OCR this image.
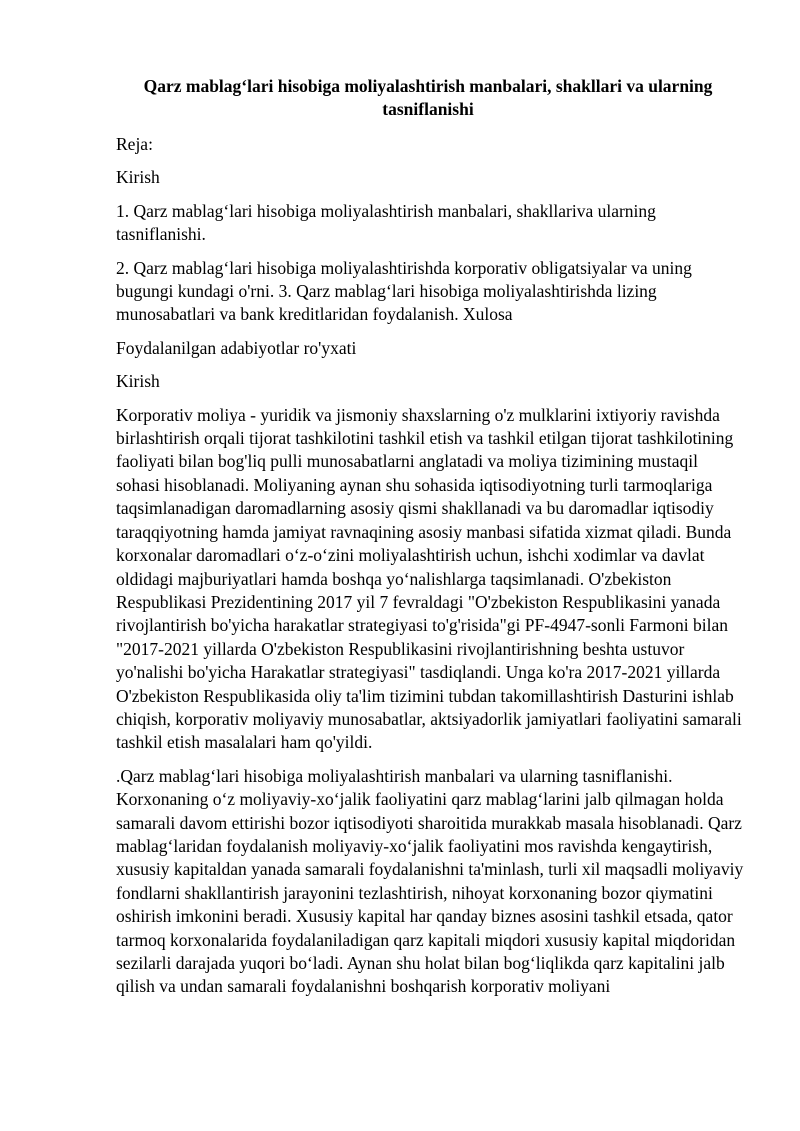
Qarz mablag‘lari hisobiga moliyalashtirish manbalari, shakllari va ularning tasniflanishi

Reja:

Kirish

1. Qarz mablag‘lari hisobiga moliyalashtirish manbalari, shakllariva ularning tasniflanishi.

2. Qarz mablag‘lari hisobiga moliyalashtirishda korporativ obligatsiyalar va uning bugungi kundagi o'rni. 3. Qarz mablag‘lari hisobiga moliyalashtirishda lizing munosabatlari va bank kreditlaridan foydalanish. Xulosa

Foydalanilgan adabiyotlar ro'yxati

Kirish

Korporativ moliya - yuridik va jismoniy shaxslarning o'z mulklarini ixtiyoriy ravishda birlashtirish orqali tijorat tashkilotini tashkil etish va tashkil etilgan tijorat tashkilotining faoliyati bilan bog'liq pulli munosabatlarni anglatadi va moliya tizimining mustaqil sohasi hisoblanadi. Moliyaning aynan shu sohasida iqtisodiyotning turli tarmoqlariga taqsimlanadigan daromadlarning asosiy qismi shakllanadi va bu daromadlar iqtisodiy taraqqiyotning hamda jamiyat ravnaqining asosiy manbasi sifatida xizmat qiladi. Bunda korxonalar daromadlari o‘z-o‘zini moliyalashtirish uchun, ishchi xodimlar va davlat oldidagi majburiyatlari hamda boshqa yo‘nalishlarga taqsimlanadi. O'zbekiston Respublikasi Prezidentining 2017 yil 7 fevraldagi "O'zbekiston Respublikasini yanada rivojlantirish bo'yicha harakatlar strategiyasi to'g'risida"gi PF-4947-sonli Farmoni bilan "2017-2021 yillarda O'zbekiston Respublikasini rivojlantirishning beshta ustuvor yo'nalishi bo'yicha Harakatlar strategiyasi" tasdiqlandi. Unga ko'ra 2017-2021 yillarda O'zbekiston Respublikasida oliy ta'lim tizimini tubdan takomillashtirish Dasturini ishlab chiqish, korporativ moliyaviy munosabatlar, aktsiyadorlik jamiyatlari faoliyatini samarali tashkil etish masalalari ham qo'yildi.

.Qarz mablag‘lari hisobiga moliyalashtirish manbalari va ularning tasniflanishi. Korxonaning o‘z moliyaviy-xo‘jalik faoliyatini qarz mablag‘larini jalb qilmagan holda samarali davom ettirishi bozor iqtisodiyoti sharoitida murakkab masala hisoblanadi. Qarz mablag‘laridan foydalanish moliyaviy-xo‘jalik faoliyatini mos ravishda kengaytirish, xususiy kapitaldan yanada samarali foydalanishni ta'minlash, turli xil maqsadli moliyaviy fondlarni shakllantirish jarayonini tezlashtirish, nihoyat korxonaning bozor qiymatini oshirish imkonini beradi. Xususiy kapital har qanday biznes asosini tashkil etsada, qator tarmoq korxonalarida foydalaniladigan qarz kapitali miqdori xususiy kapital miqdoridan sezilarli darajada yuqori bo‘ladi. Aynan shu holat bilan bog‘liqlikda qarz kapitalini jalb qilish va undan samarali foydalanishni boshqarish korporativ moliyani
